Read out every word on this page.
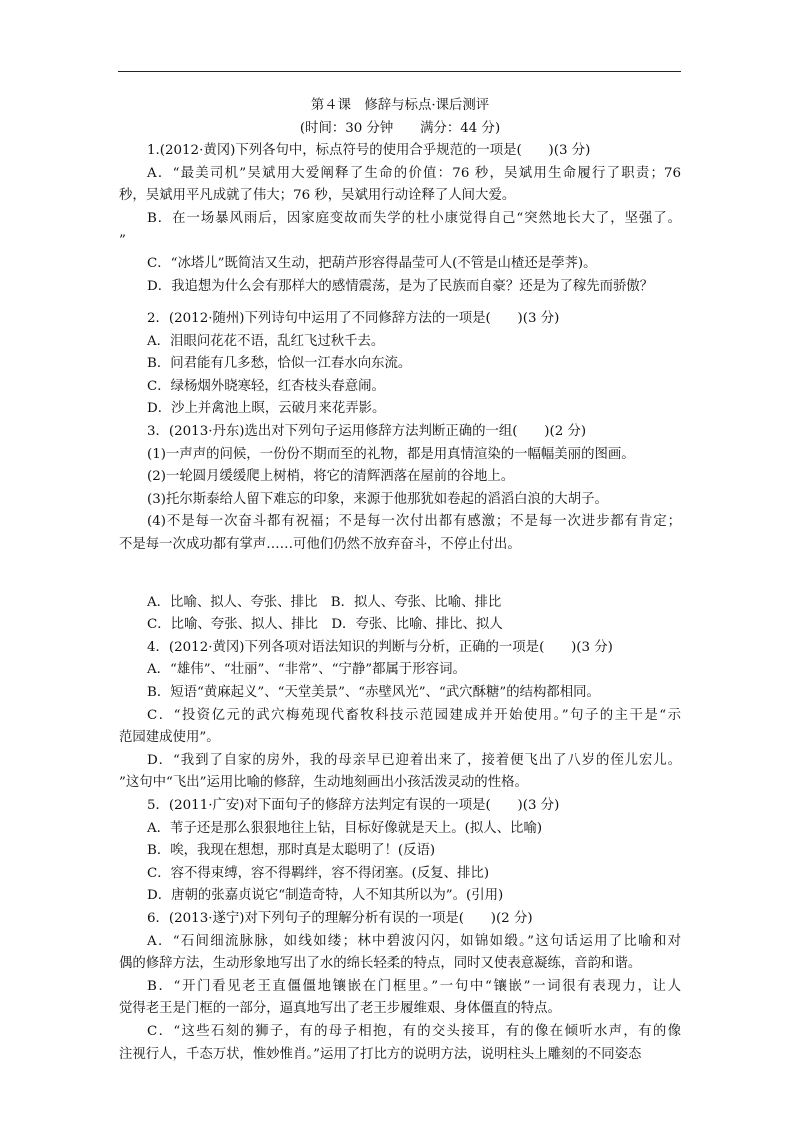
第４课　修辞与标点·课后测评
(时间：30 分钟　　满分：44 分)
1.(2012·黄冈)下列各句中，标点符号的使用合乎规范的一项是(　　)(3 分)
A．“最美司机”吴斌用大爱阐释了生命的价值：76 秒，吴斌用生命履行了职责；76
秒，吴斌用平凡成就了伟大；76 秒，吴斌用行动诠释了人间大爱。
B．在一场暴风雨后，因家庭变故而失学的杜小康觉得自己“突然地长大了，坚强了。
”
C．“冰塔儿”既简洁又生动，把葫芦形容得晶莹可人(不管是山楂还是荸荠)。
D．我追想为什么会有那样大的感情震荡，是为了民族而自豪？还是为了稼先而骄傲？
2．(2012·随州)下列诗句中运用了不同修辞方法的一项是(　　)(3 分)
A．泪眼问花花不语，乱红飞过秋千去。
B．问君能有几多愁，恰似一江春水向东流。
C．绿杨烟外晓寒轻，红杏枝头春意闹。
D．沙上并禽池上暝，云破月来花弄影。
3．(2013·丹东)选出对下列句子运用修辞方法判断正确的一组(　　)(2 分)
(1)一声声的问候，一份份不期而至的礼物，都是用真情渲染的一幅幅美丽的图画。
(2)一轮圆月缓缓爬上树梢，将它的清辉洒落在屋前的谷地上。
(3)托尔斯泰给人留下难忘的印象，来源于他那犹如卷起的滔滔白浪的大胡子。
(4)不是每一次奋斗都有祝福；不是每一次付出都有感激；不是每一次进步都有肯定；
不是每一次成功都有掌声……可他们仍然不放弃奋斗，不停止付出。
A．比喻、拟人、夸张、排比　B．拟人、夸张、比喻、排比
C．比喻、夸张、拟人、排比　D．夸张、比喻、排比、拟人
4．(2012·黄冈)下列各项对语法知识的判断与分析，正确的一项是(　　)(3 分)
A．“雄伟”、“壮丽”、“非常”、“宁静”都属于形容词。
B．短语“黄麻起义”、“天堂美景”、“赤壁风光”、“武穴酥糖”的结构都相同。
C．“投资亿元的武穴梅苑现代畜牧科技示范园建成并开始使用。”句子的主干是“示
范园建成使用”。
D．“我到了自家的房外，我的母亲早已迎着出来了，接着便飞出了八岁的侄儿宏儿。
”这句中“飞出”运用比喻的修辞，生动地刻画出小孩活泼灵动的性格。
5．(2011·广安)对下面句子的修辞方法判定有误的一项是(　　)(3 分)
A．苇子还是那么狠狠地往上钻，目标好像就是天上。(拟人、比喻)
B．唉，我现在想想，那时真是太聪明了！(反语)
C．容不得束缚，容不得羁绊，容不得闭塞。(反复、排比)
D．唐朝的张嘉贞说它“制造奇特，人不知其所以为”。(引用)
6．(2013·遂宁)对下列句子的理解分析有误的一项是(　　)(2 分)
A．“石间细流脉脉，如线如缕；林中碧波闪闪，如锦如缎。”这句话运用了比喻和对
偶的修辞方法，生动形象地写出了水的绵长轻柔的特点，同时又使表意凝练，音韵和谐。
B．“开门看见老王直僵僵地镶嵌在门框里。”一句中“镶嵌”一词很有表现力，让人
觉得老王是门框的一部分，逼真地写出了老王步履维艰、身体僵直的特点。
C．“这些石刻的狮子，有的母子相抱，有的交头接耳，有的像在倾听水声，有的像
注视行人，千态万状，惟妙惟肖。”运用了打比方的说明方法，说明柱头上雕刻的不同姿态
